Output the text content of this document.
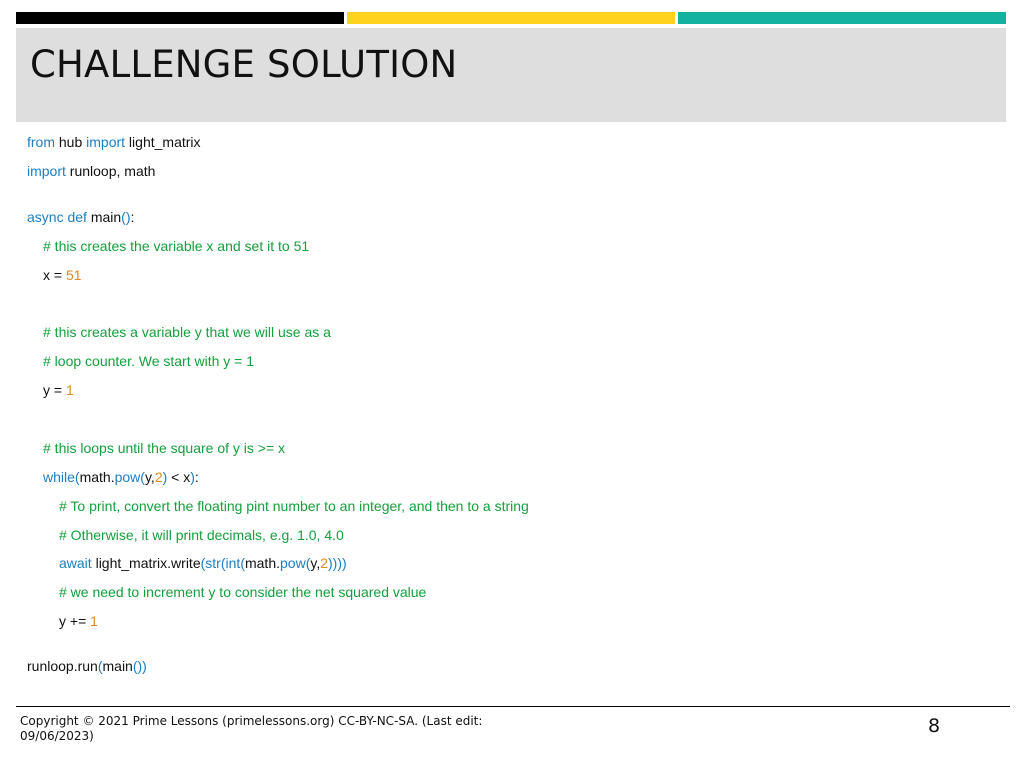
CHALLENGE SOLUTION
from hub import light_matrix
import runloop, math
async def main():
# this creates the variable x and set it to 51
x = 51
# this creates a variable y that we will use as a
# loop counter. We start with y = 1
y = 1
# this loops until the square of y is >= x
while(math.pow(y,2) < x):
# To print, convert the floating pint number to an integer, and then to a string
# Otherwise, it will print decimals, e.g. 1.0, 4.0
await light_matrix.write(str(int(math.pow(y,2))))
# we need to increment y to consider the net squared value
y += 1
runloop.run(main())
Copyright © 2021 Prime Lessons (primelessons.org) CC-BY-NC-SA. (Last edit:
09/06/2023)	8
